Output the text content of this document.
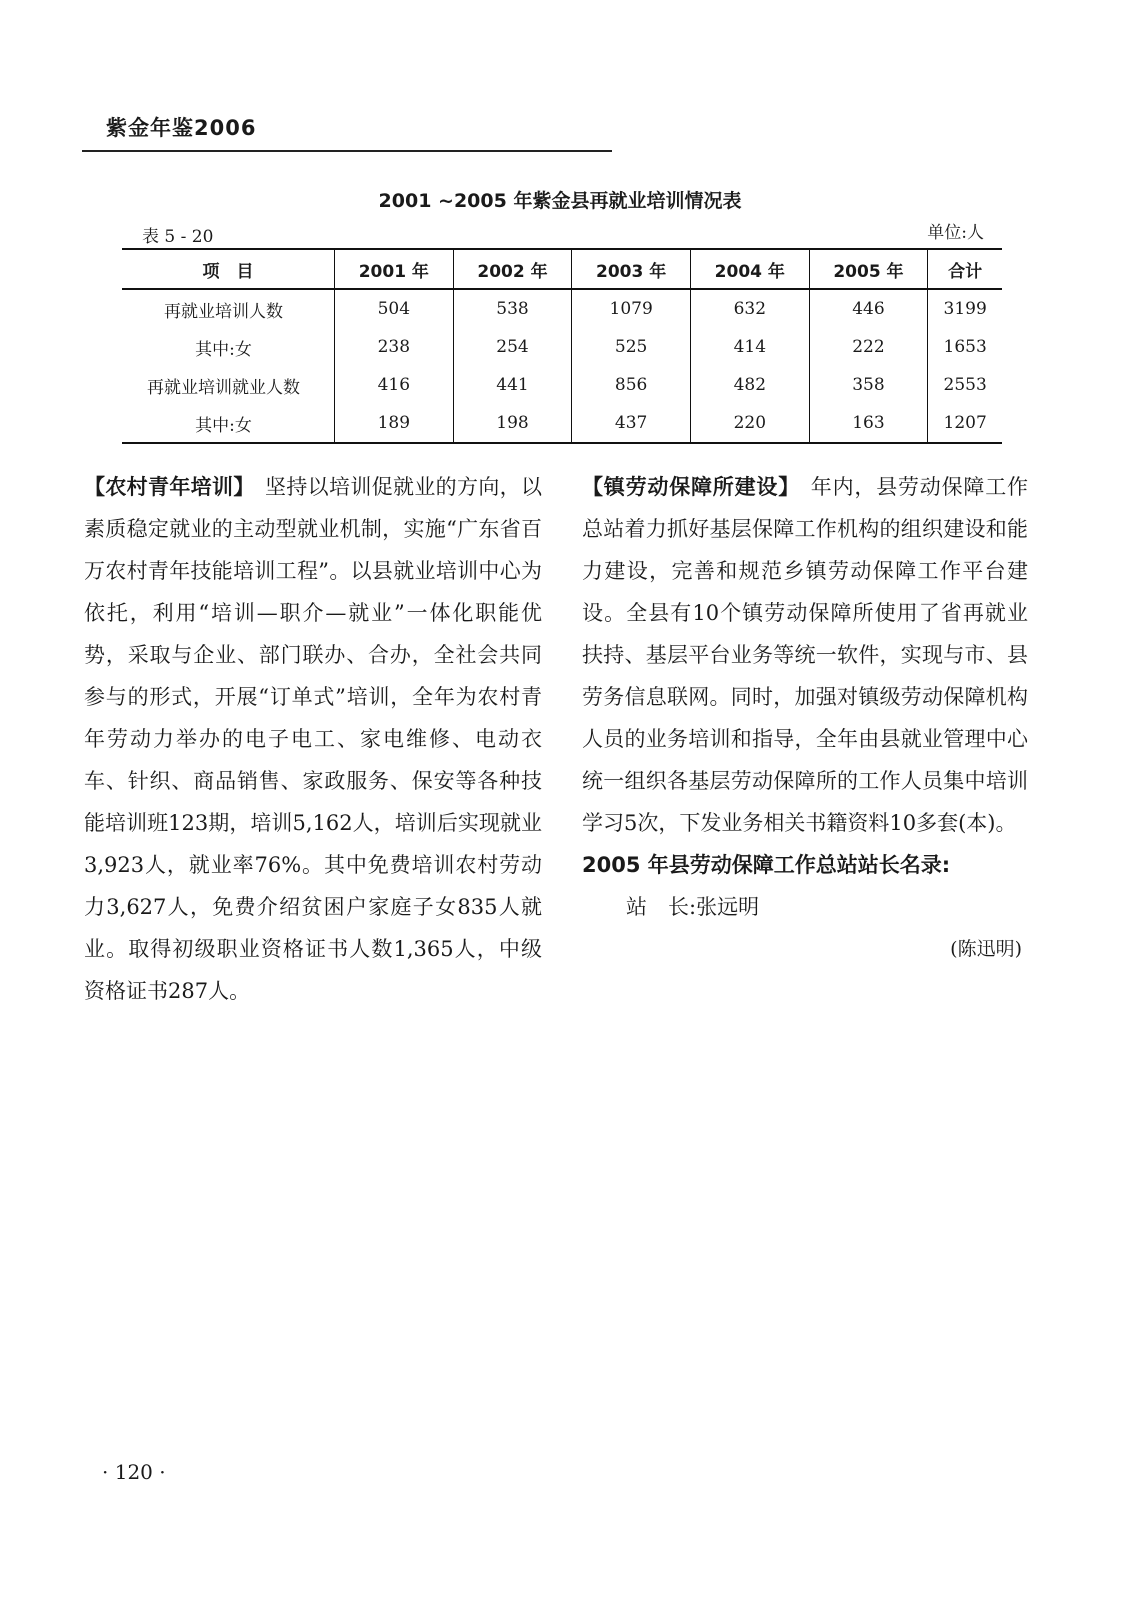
紫金年鉴2006
2001 ~2005 年紫金县再就业培训情况表
表 5 - 20	单位:人
项　目	2001 年	2002 年	2003 年	2004 年	2005 年	合计
再就业培训人数	504	538	1079	632	446	3199
其中:女	238	254	525	414	222	1653
再就业培训就业人数	416	441	856	482	358	2553
其中:女	189	198	437	220	163	1207

【农村青年培训】 坚持以培训促就业的方向，以素质稳定就业的主动型就业机制，实施“广东省百万农村青年技能培训工程”。以县就业培训中心为依托，利用“培训—职介—就业”一体化职能优势，采取与企业、部门联办、合办，全社会共同参与的形式，开展“订单式”培训，全年为农村青年劳动力举办的电子电工、家电维修、电动衣车、针织、商品销售、家政服务、保安等各种技能培训班123期，培训5,162人，培训后实现就业3,923人，就业率76%。其中免费培训农村劳动力3,627人，免费介绍贫困户家庭子女835人就业。取得初级职业资格证书人数1,365人，中级资格证书287人。

【镇劳动保障所建设】 年内，县劳动保障工作总站着力抓好基层保障工作机构的组织建设和能力建设，完善和规范乡镇劳动保障工作平台建设。全县有10个镇劳动保障所使用了省再就业扶持、基层平台业务等统一软件，实现与市、县劳务信息联网。同时，加强对镇级劳动保障机构人员的业务培训和指导，全年由县就业管理中心统一组织各基层劳动保障所的工作人员集中培训学习5次，下发业务相关书籍资料10多套(本)。

2005 年县劳动保障工作总站站长名录:

站　长:张远明

(陈迅明)

· 120 ·
